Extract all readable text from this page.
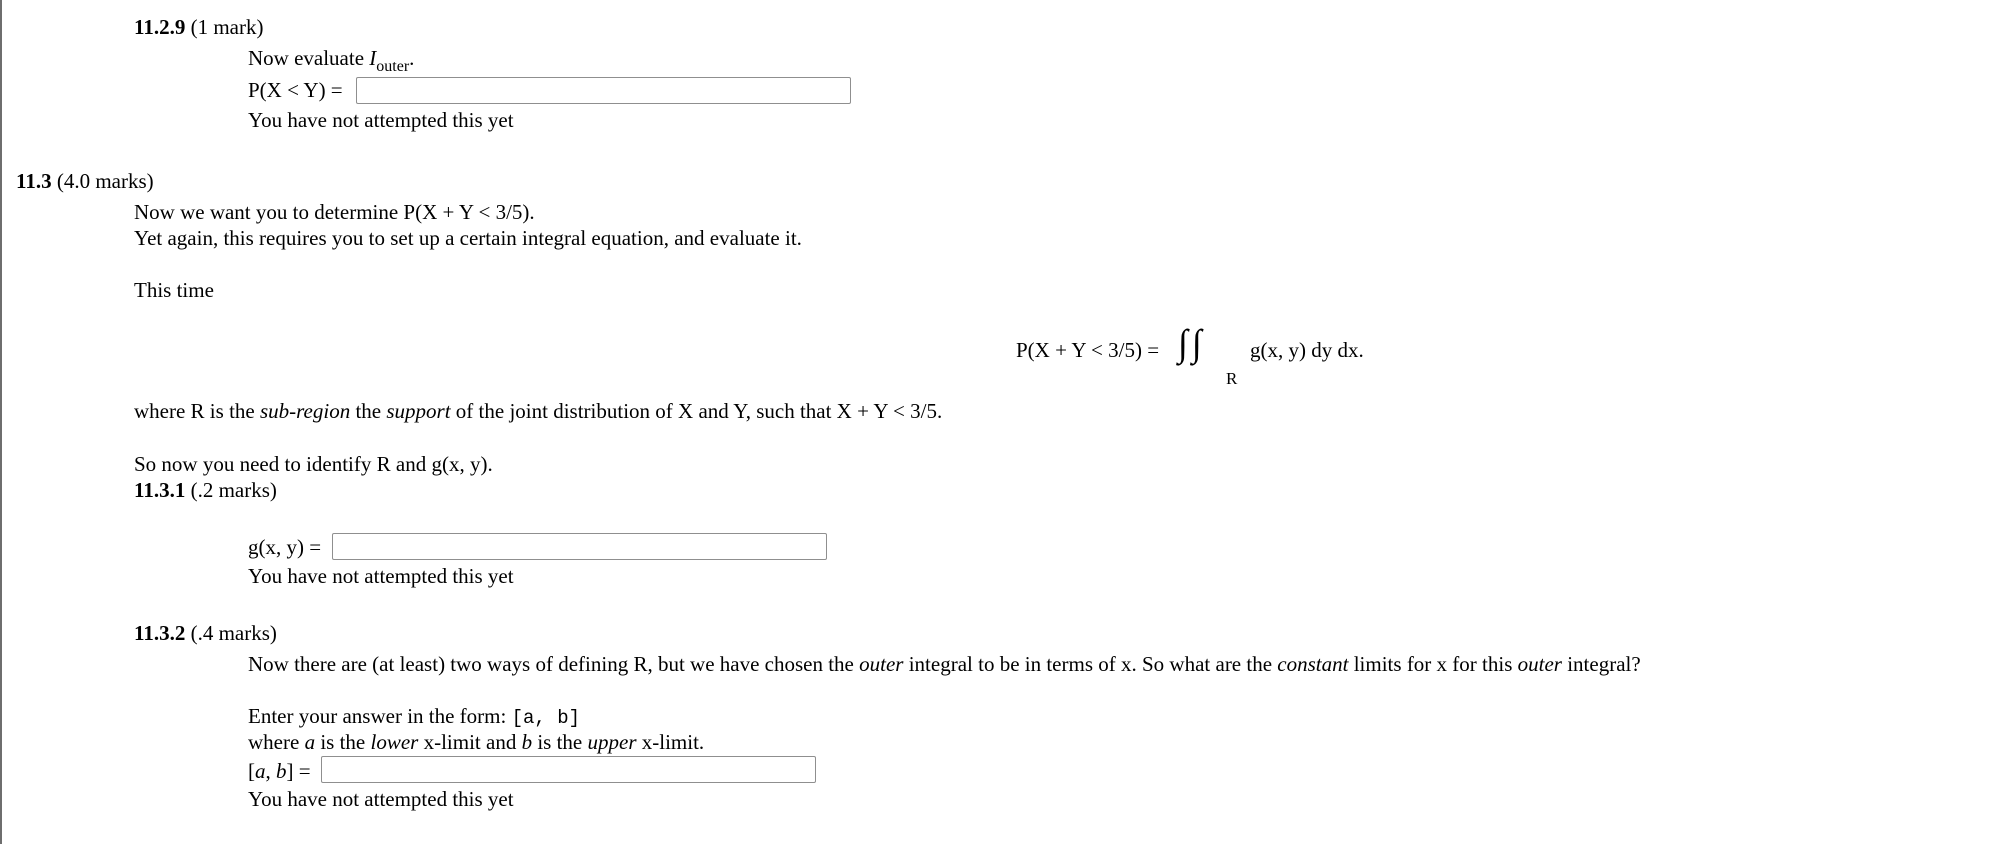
11.2.9 (1 mark)
Now evaluate $I_{outer}$.
P(X < Y) =
You have not attempted this yet
11.3 (4.0 marks)
Now we want you to determine P(X + Y < 3/5).
Yet again, this requires you to set up a certain integral equation, and evaluate it.
This time
P(X + Y < 3/5) = ∫ ∫
R
g(x, y) dy dx.
where R is the sub-region the support of the joint distribution of X and Y, such that X + Y < 3/5.
So now you need to identify R and g(x, y).
11.3.1 (.2 marks)
g(x, y) =
You have not attempted this yet
11.3.2 (.4 marks)
Now there are (at least) two ways of defining R, but we have chosen the outer integral to be in terms of x. So what are the constant limits for x for this outer integral?
Enter your answer in the form: [a, b]
where a is the lower x-limit and b is the upper x-limit.
[a, b] =
You have not attempted this yet
